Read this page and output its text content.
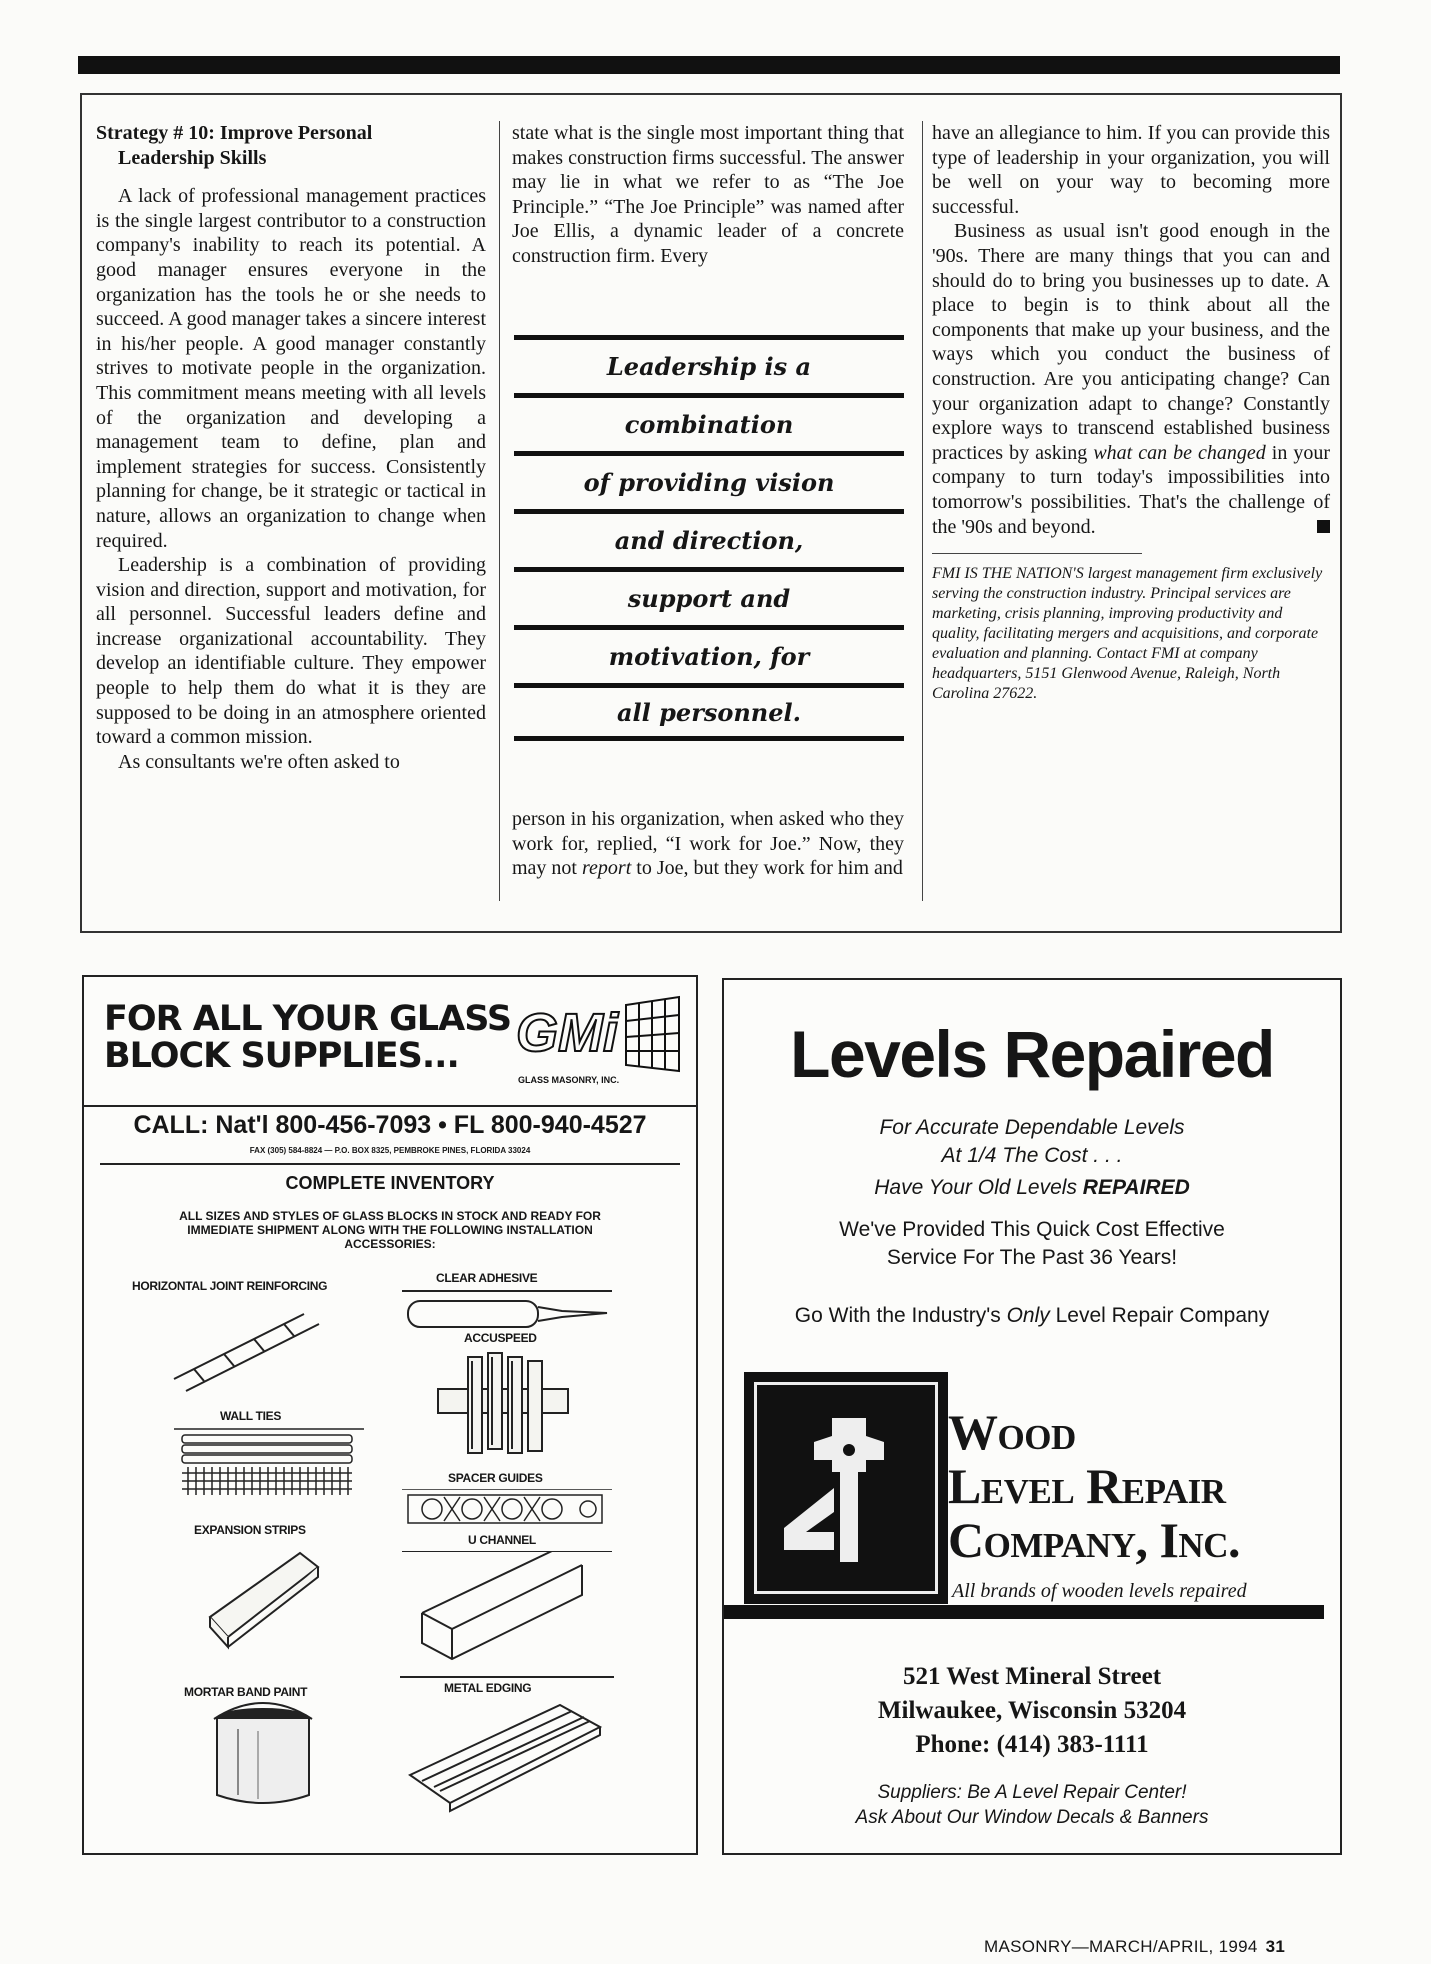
Strategy # 10: Improve Personal
Leadership Skills

A lack of professional management practices is the single largest contributor to a construction company's inability to reach its potential. A good manager ensures everyone in the organization has the tools he or she needs to succeed. A good manager takes a sincere interest in his/her people. A good manager constantly strives to motivate people in the organization. This commitment means meeting with all levels of the organization and developing a management team to define, plan and implement strategies for success. Consistently planning for change, be it strategic or tactical in nature, allows an organization to change when required.

Leadership is a combination of providing vision and direction, support and motivation, for all personnel. Successful leaders define and increase organizational accountability. They develop an identifiable culture. They empower people to help them do what it is they are supposed to be doing in an atmosphere oriented toward a common mission.

As consultants we're often asked to

state what is the single most important thing that makes construction firms successful. The answer may lie in what we refer to as “The Joe Principle.” “The Joe Principle” was named after Joe Ellis, a dynamic leader of a concrete construction firm. Every

Leadership is a
combination
of providing vision
and direction,
support and
motivation, for
all personnel.
person in his organization, when asked who they work for, replied, “I work for Joe.” Now, they may not report to Joe, but they work for him and

have an allegiance to him. If you can provide this type of leadership in your organization, you will be well on your way to becoming more successful.

Business as usual isn't good enough in the '90s. There are many things that you can and should do to bring you businesses up to date. A place to begin is to think about all the components that make up your business, and the ways which you conduct the business of construction. Are you anticipating change? Can your organization adapt to change? Constantly explore ways to transcend established business practices by asking what can be changed in your company to turn today's impossibilities into tomorrow's possibilities. That's the challenge of the '90s and beyond.

FMI IS THE NATION'S largest management firm exclusively serving the construction industry. Principal services are marketing, crisis planning, improving productivity and quality, facilitating mergers and acquisitions, and corporate evaluation and planning. Contact FMI at company headquarters, 5151 Glenwood Avenue, Raleigh, North Carolina 27622.

FOR ALL YOUR GLASS
BLOCK SUPPLIES...	GMi
GLASS MASONRY, INC.
CALL: Nat'l 800-456-7093 • FL 800-940-4527
FAX (305) 584-8824 — P.O. BOX 8325, PEMBROKE PINES, FLORIDA 33024
COMPLETE INVENTORY
ALL SIZES AND STYLES OF GLASS BLOCKS IN STOCK AND READY FOR IMMEDIATE SHIPMENT ALONG WITH THE FOLLOWING INSTALLATION ACCESSORIES:
HORIZONTAL JOINT REINFORCING
CLEAR ADHESIVE
ACCUSPEED
WALL TIES
SPACER GUIDES
EXPANSION STRIPS
U CHANNEL
MORTAR BAND PAINT	METAL EDGING
Levels Repaired
For Accurate Dependable Levels
At 1/4 The Cost . . .
Have Your Old Levels REPAIRED
We've Provided This Quick Cost Effective
Service For The Past 36 Years!
Go With the Industry's Only Level Repair Company
Wood
Level Repair
Company, Inc.
All brands of wooden levels repaired
521 West Mineral Street
Milwaukee, Wisconsin 53204
Phone: (414) 383-1111
Suppliers: Be A Level Repair Center!
Ask About Our Window Decals & Banners
MASONRY—MARCH/APRIL, 1994 31
